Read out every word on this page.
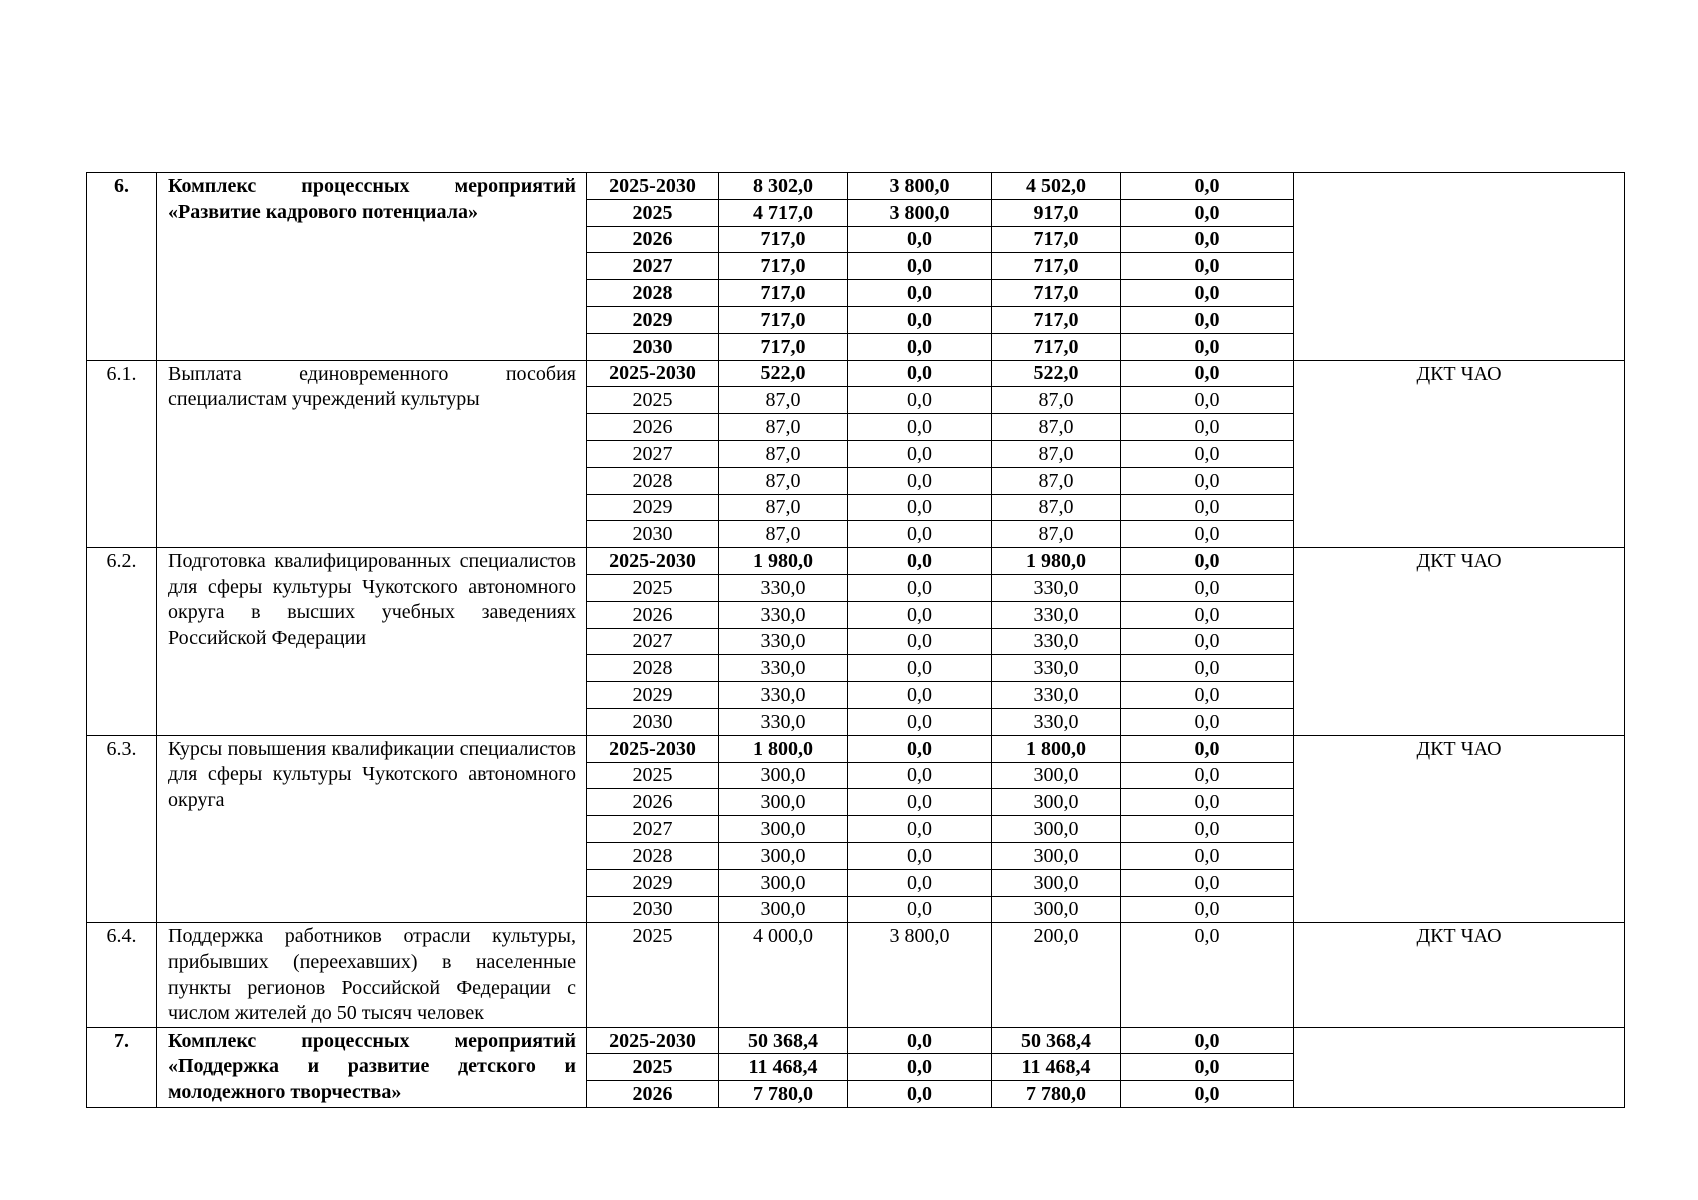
6.	Комплекс процессных мероприятий «Развитие кадрового потенциала»	2025-2030	8 302,0	3 800,0	4 502,0	0,0	
		2025	4 717,0	3 800,0	917,0	0,0	
		2026	717,0	0,0	717,0	0,0	
		2027	717,0	0,0	717,0	0,0	
		2028	717,0	0,0	717,0	0,0	
		2029	717,0	0,0	717,0	0,0	
		2030	717,0	0,0	717,0	0,0	
6.1.	Выплата единовременного пособия специалистам учреждений культуры	2025-2030	522,0	0,0	522,0	0,0	ДКТ ЧАО
		2025	87,0	0,0	87,0	0,0	
		2026	87,0	0,0	87,0	0,0	
		2027	87,0	0,0	87,0	0,0	
		2028	87,0	0,0	87,0	0,0	
		2029	87,0	0,0	87,0	0,0	
		2030	87,0	0,0	87,0	0,0	
6.2.	Подготовка квалифицированных специалистов для сферы культуры Чукотского автономного округа в высших учебных заведениях Российской Федерации	2025-2030	1 980,0	0,0	1 980,0	0,0	ДКТ ЧАО
		2025	330,0	0,0	330,0	0,0	
		2026	330,0	0,0	330,0	0,0	
		2027	330,0	0,0	330,0	0,0	
		2028	330,0	0,0	330,0	0,0	
		2029	330,0	0,0	330,0	0,0	
		2030	330,0	0,0	330,0	0,0	
6.3.	Курсы повышения квалификации специалистов для сферы культуры Чукотского автономного округа	2025-2030	1 800,0	0,0	1 800,0	0,0	ДКТ ЧАО
		2025	300,0	0,0	300,0	0,0	
		2026	300,0	0,0	300,0	0,0	
		2027	300,0	0,0	300,0	0,0	
		2028	300,0	0,0	300,0	0,0	
		2029	300,0	0,0	300,0	0,0	
		2030	300,0	0,0	300,0	0,0	
6.4.	Поддержка работников отрасли культуры, прибывших (переехавших) в населенные пункты регионов Российской Федерации с числом жителей до 50 тысяч человек	2025	4 000,0	3 800,0	200,0	0,0	ДКТ ЧАО
7.	Комплекс процессных мероприятий «Поддержка и развитие детского и молодежного творчества»	2025-2030	50 368,4	0,0	50 368,4	0,0	
		2025	11 468,4	0,0	11 468,4	0,0	
		2026	7 780,0	0,0	7 780,0	0,0	
